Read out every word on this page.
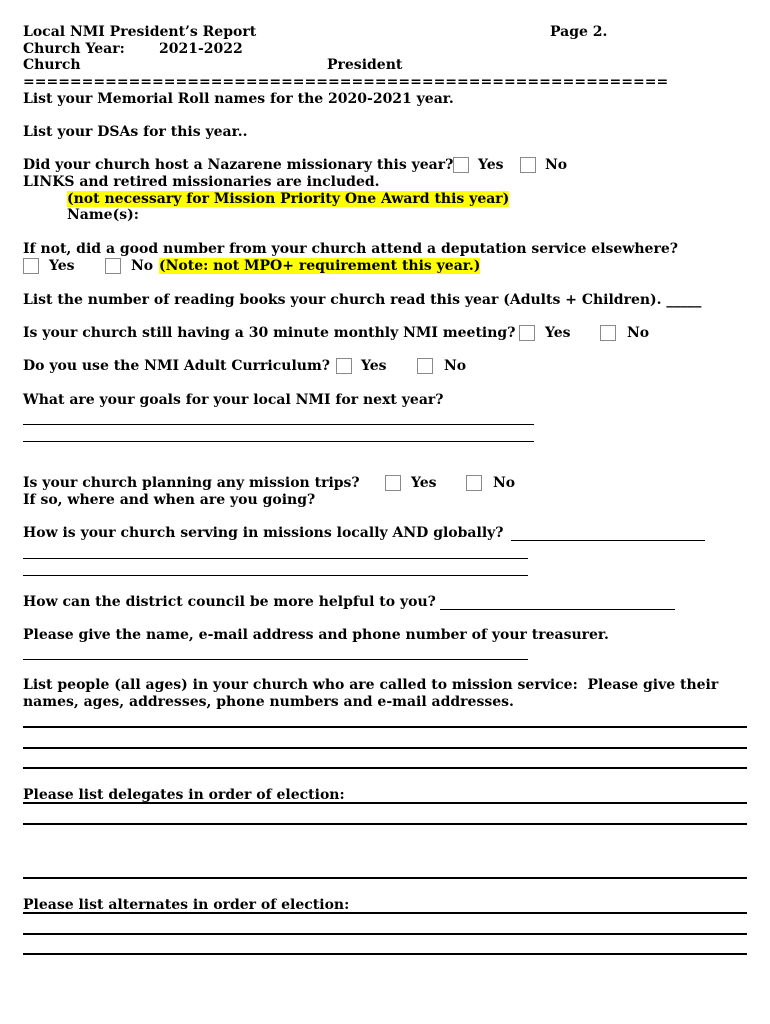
Local NMI President’s Report	Page 2.
Church Year: 2021-2022
Church	President
=======================================================
List your Memorial Roll names for the 2020-2021 year.
List your DSAs for this year..
Did your church host a Nazarene missionary this year? Yes	No
LINKS and retired missionaries are included.
(not necessary for Mission Priority One Award this year)
Name(s):
If not, did a good number from your church attend a deputation service elsewhere?
Yes	No (Note: not MPO+ requirement this year.)
List the number of reading books your church read this year (Adults + Children). _____
Is your church still having a 30 minute monthly NMI meeting? Yes	No
Do you use the NMI Adult Curriculum? Yes	No
What are your goals for your local NMI for next year?
Is your church planning any mission trips?	Yes	No
If so, where and when are you going?
How is your church serving in missions locally AND globally?
How can the district council be more helpful to you?
Please give the name, e-mail address and phone number of your treasurer.
List people (all ages) in your church who are called to mission service:  Please give their
names, ages, addresses, phone numbers and e-mail addresses.
Please list delegates in order of election:
Please list alternates in order of election:
